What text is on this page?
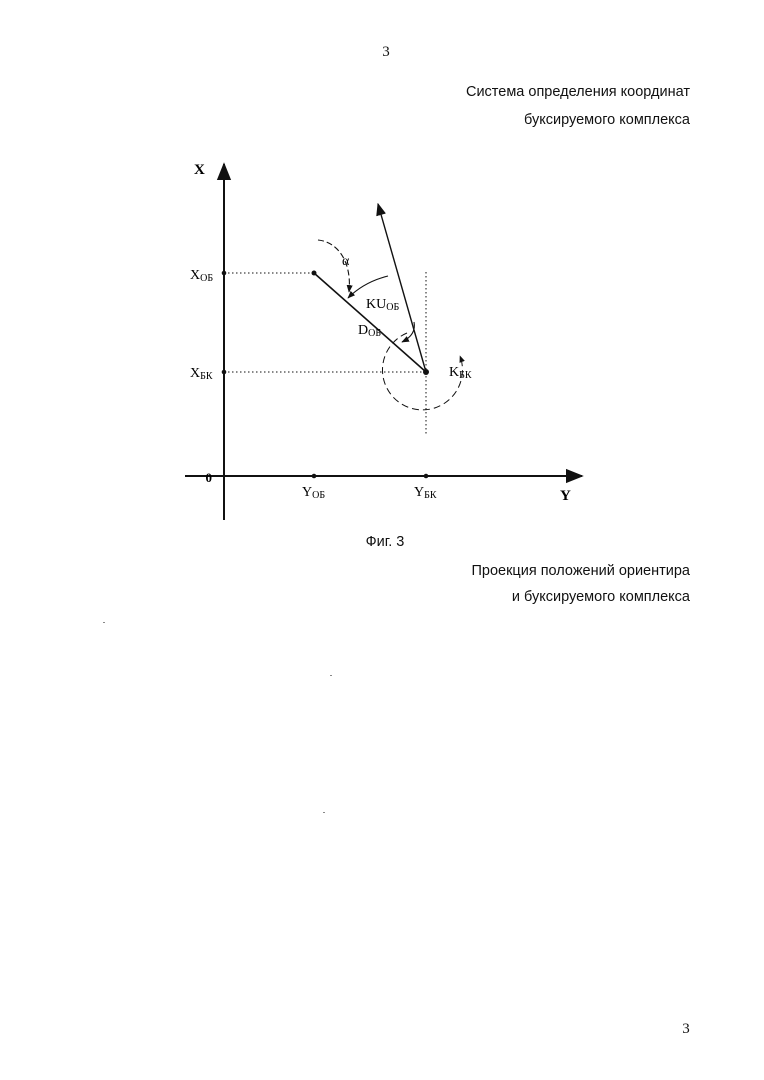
3
Система определения координат
буксируемого комплекса
X
Y
0
XОБ
XБК
YОБ	YБК
α
KUОБ
DОБ
KБК
Фиг. 3
Проекция положений ориентира
и буксируемого комплекса
3
